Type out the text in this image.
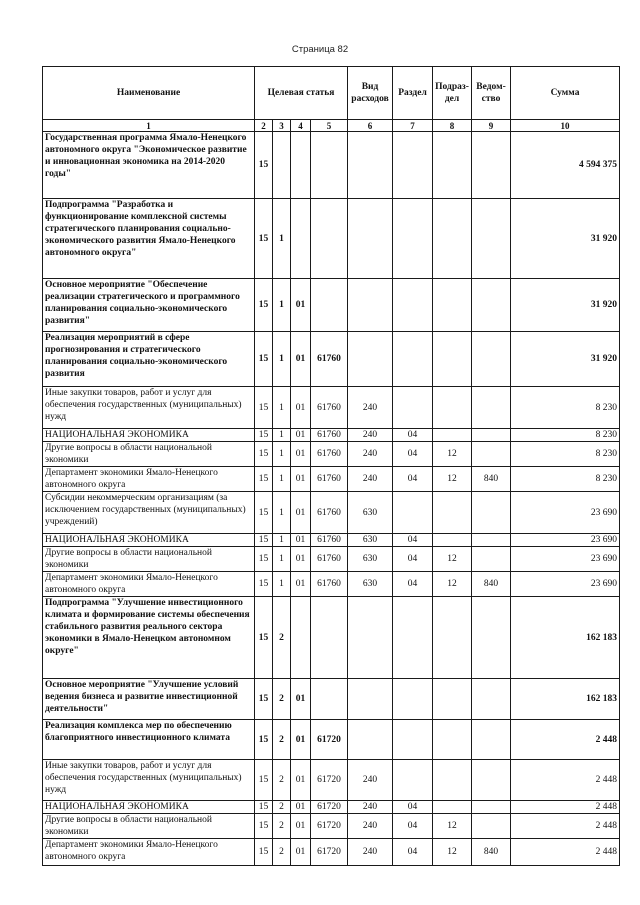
Страница 82
Наименование	Целевая статья				Вид расходов	Раздел	Подраз-дел	Ведом-ство	Сумма
1	2	3	4	5	6	7	8	9	10
Государственная программа Ямало-Ненецкого автономного округа "Экономическое развитие и инновационная экономика на 2014-2020 годы"	15								4 594 375
Подпрограмма "Разработка и функционирование комплексной системы стратегического планирования социально-экономического развития Ямало-Ненецкого автономного округа"	15	1							31 920
Основное мероприятие "Обеспечение реализации стратегического и программного планирования социально-экономического развития"	15	1	01						31 920
Реализация мероприятий в сфере прогнозирования и стратегического планирования социально-экономического развития	15	1	01	61760					31 920
Иные закупки товаров, работ и услуг для обеспечения государственных (муниципальных) нужд	15	1	01	61760	240				8 230
НАЦИОНАЛЬНАЯ ЭКОНОМИКА	15	1	01	61760	240	04			8 230
Другие вопросы в области национальной экономики	15	1	01	61760	240	04	12		8 230
Департамент экономики Ямало-Ненецкого автономного округа	15	1	01	61760	240	04	12	840	8 230
Субсидии некоммерческим организациям (за исключением государственных (муниципальных) учреждений)	15	1	01	61760	630				23 690
НАЦИОНАЛЬНАЯ ЭКОНОМИКА	15	1	01	61760	630	04			23 690
Другие вопросы в области национальной экономики	15	1	01	61760	630	04	12		23 690
Департамент экономики Ямало-Ненецкого автономного округа	15	1	01	61760	630	04	12	840	23 690
Подпрограмма "Улучшение инвестиционного климата и формирование системы обеспечения стабильного развития реального сектора экономики в Ямало-Ненецком автономном округе"	15	2							162 183
Основное мероприятие "Улучшение условий ведения бизнеса и развитие инвестиционной деятельности"	15	2	01						162 183
Реализация комплекса мер по обеспечению благоприятного инвестиционного климата	15	2	01	61720					2 448
Иные закупки товаров, работ и услуг для обеспечения государственных (муниципальных) нужд	15	2	01	61720	240				2 448
НАЦИОНАЛЬНАЯ ЭКОНОМИКА	15	2	01	61720	240	04			2 448
Другие вопросы в области национальной экономики	15	2	01	61720	240	04	12		2 448
Департамент экономики Ямало-Ненецкого автономного округа	15	2	01	61720	240	04	12	840	2 448
